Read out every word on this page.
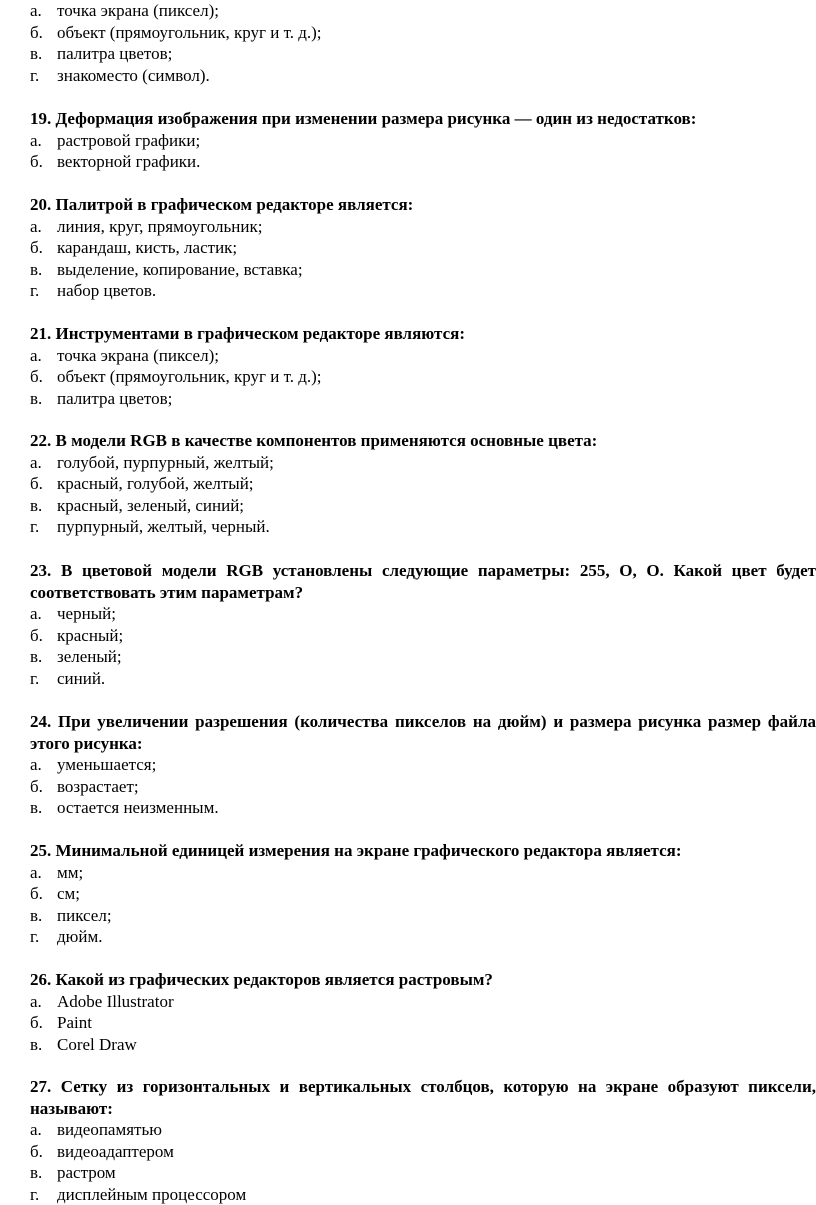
а. точка экрана (пиксел);
б. объект (прямоугольник, круг и т. д.);
в. палитра цветов;
г. знакоместо (символ).

19. Деформация изображения при изменении размера рисунка — один из недостатков:

а. растровой графики;
б. векторной графики.

20. Палитрой в графическом редакторе является:

а. линия, круг, прямоугольник;
б. карандаш, кисть, ластик;
в. выделение, копирование, вставка;
г. набор цветов.

21. Инструментами в графическом редакторе являются:

а. точка экрана (пиксел);
б. объект (прямоугольник, круг и т. д.);
в. палитра цветов;

22. В модели RGB в качестве компонентов применяются основные цвета:

а. голубой, пурпурный, желтый;
б. красный, голубой, желтый;
в. красный, зеленый, синий;
г. пурпурный, желтый, черный.

23. В цветовой модели RGB установлены следующие параметры: 255, О, О. Какой цвет будет соответствовать этим параметрам?

а. черный;
б. красный;
в. зеленый;
г. синий.

24. При увеличении разрешения (количества пикселов на дюйм) и размера рисунка размер файла этого рисунка:

а. уменьшается;
б. возрастает;
в. остается неизменным.

25. Минимальной единицей измерения на экране графического редактора является:

а. мм;
б. см;
в. пиксел;
г. дюйм.

26. Какой из графических редакторов является растровым?

а. Adobe Illustrator
б. Paint
в. Corel Draw

27. Сетку из горизонтальных и вертикальных столбцов, которую на экране образуют пиксели, называют:

а. видеопамятью
б. видеоадаптером
в. растром
г. дисплейным процессором
